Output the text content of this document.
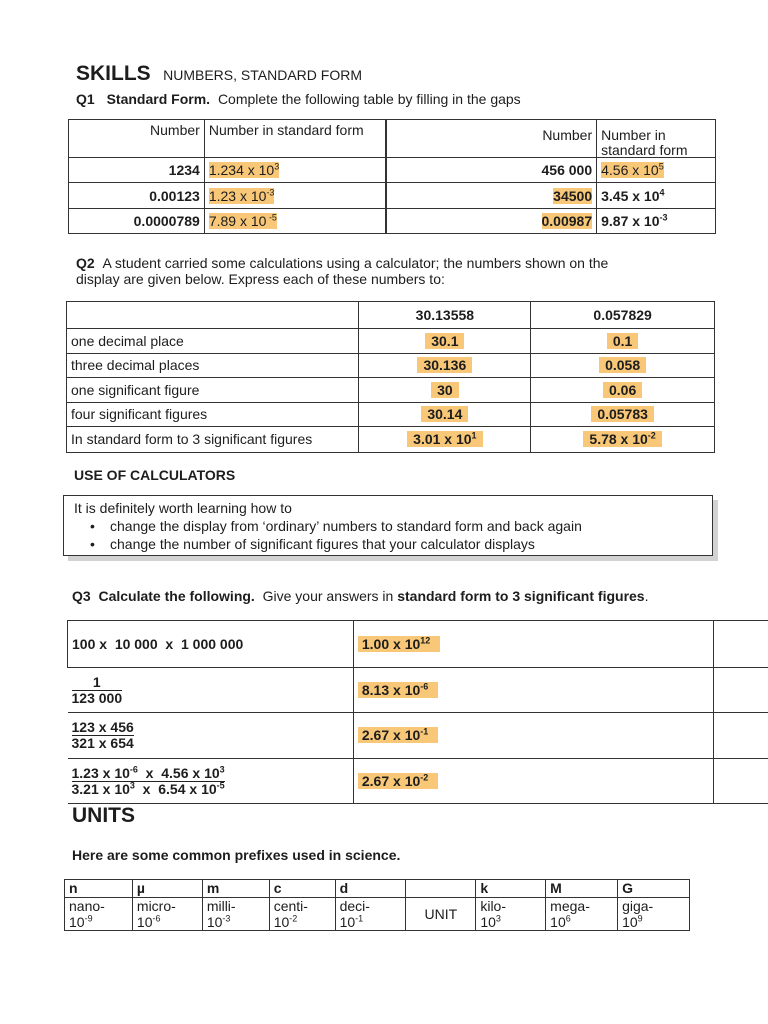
SKILLS NUMBERS, STANDARD FORM
Q1 Standard Form. Complete the following table by filling in the gaps
Number	Number in standard form	Number	Number in standard form
1234	1.234 x $10^3$	456 000	4.56 x $10^5$
0.00123	1.23 x $10^{-3}$	34500	3.45 x $10^4$
0.0000789	7.89 x 10 $^{-5}$	0.00987	9.87 x $10^{-3}$
Q2 A student carried some calculations using a calculator; the numbers shown on the
display are given below. Express each of these numbers to:
	30.13558	0.057829
one decimal place	30.1	0.1
three decimal places	30.136	0.058
one significant figure	30	0.06
four significant figures	30.14	0.05783
In standard form to 3 significant figures	3.01 x $10^1$	5.78 x $10^{-2}$
USE OF CALCULATORS
It is definitely worth learning how to
• change the display from ‘ordinary’ numbers to standard form and back again
• change the number of significant figures that your calculator displays
Q3 Calculate the following. Give your answers in standard form to 3 significant figures.
100 x  10 000  x  1 000 000	1.00 x $10^{12}$	

$\frac{1}{123 000}$	8.13 x $10^{-6}$	

$\frac{123 x 456}{321 x 654}$	2.67 x $10^{-1}$	

$\frac{1.23 x 10^{-6} x 4.56 x 10^3}{3.21 x 10^3 x 6.54 x 10^{-5}}$	2.67 x $10^{-2}$	
UNITS
Here are some common prefixes used in science.
n	µ	m	c	d		k	M	G
nano-	micro-	milli-	centi-	deci-	UNIT	kilo-	mega-	giga-
$10^{-9}$	$10^{-6}$	$10^{-3}$	$10^{-2}$	$10^{-1}$		$10^3$	$10^6$	$10^9$
